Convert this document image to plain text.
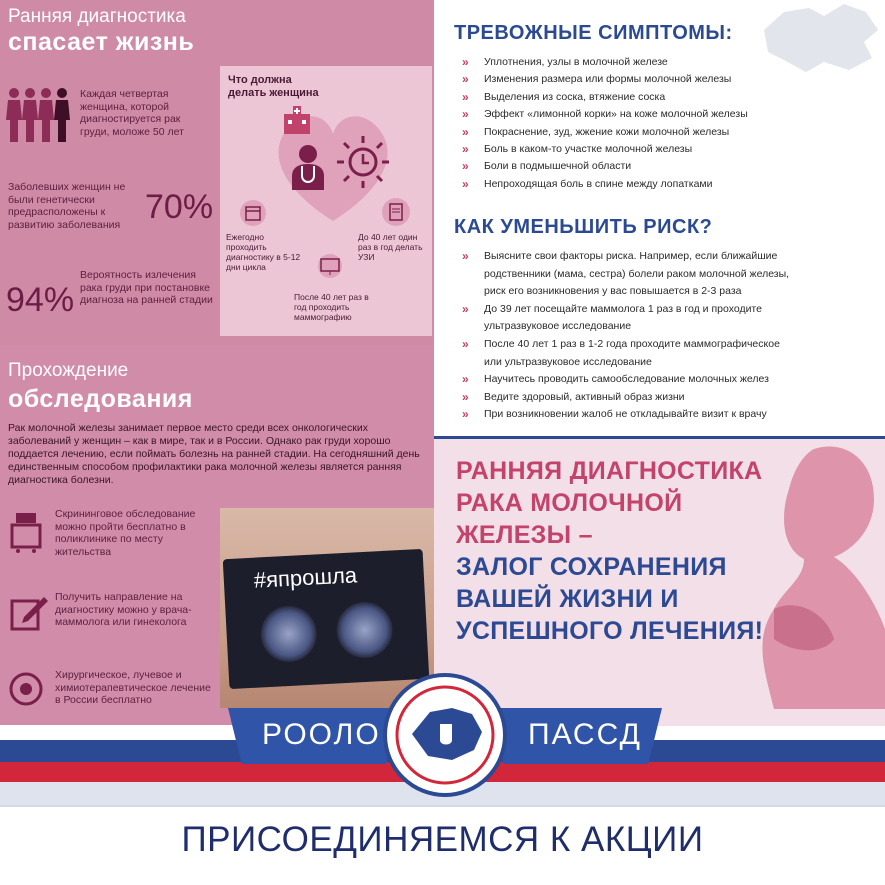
Ранняя диагностика
спасает жизнь
Каждая четвертая женщина, которой диагностируется рак груди, моложе 50 лет
Заболевших женщин не были генетически предрасположены к развитию заболевания 70%
94%
Вероятность излечения рака груди при постановке диагноза на ранней стадии
Что должна делать женщина
Ежегодно проходить диагностику в 5-12 дни цикла
До 40 лет один раз в год делать УЗИ
После 40 лет раз в год проходить маммографию
Прохождение
обследования
Рак молочной железы занимает первое место среди всех онкологических заболеваний у женщин – как в мире, так и в России. Однако рак груди хорошо поддается лечению, если поймать болезнь на ранней стадии. На сегодняшний день единственным способом профилактики рака молочной железы является ранняя диагностика болезни.
Скрининговое обследование можно пройти бесплатно в поликлинике по месту жительства
Получить направление на диагностику можно у врача-маммолога или гинеколога
Хирургическое, лучевое и химиотерапевтическое лечение в России бесплатно
#япрошла
ТРЕВОЖНЫЕ СИМПТОМЫ:
» Уплотнения, узлы в молочной железе
» Изменения размера или формы молочной железы
» Выделения из соска, втяжение соска
» Эффект «лимонной корки» на коже молочной железы
» Покраснение, зуд, жжение кожи молочной железы
» Боль в каком-то участке молочной железы
» Боли в подмышечной области
» Непроходящая боль в спине между лопатками
КАК УМЕНЬШИТЬ РИСК?
» Выясните свои факторы риска. Например, если ближайшие
родственники (мама, сестра) болели раком молочной железы,
риск его возникновения у вас повышается в 2-3 раза
» До 39 лет посещайте маммолога 1 раз в год и проходите
ультразвуковое исследование
» После 40 лет 1 раз в 1-2 года проходите маммографическое
или ультразвуковое исследование
» Научитесь проводить самообследование молочных желез
» Ведите здоровый, активный образ жизни
» При возникновении жалоб не откладывайте визит к врачу
РАННЯЯ ДИАГНОСТИКА
РАКА МОЛОЧНОЙ
ЖЕЛЕЗЫ –
ЗАЛОГ СОХРАНЕНИЯ
ВАШЕЙ ЖИЗНИ И
УСПЕШНОГО ЛЕЧЕНИЯ!
РООЛО	ПАССД
ПРИСОЕДИНЯЕМСЯ К АКЦИИ
